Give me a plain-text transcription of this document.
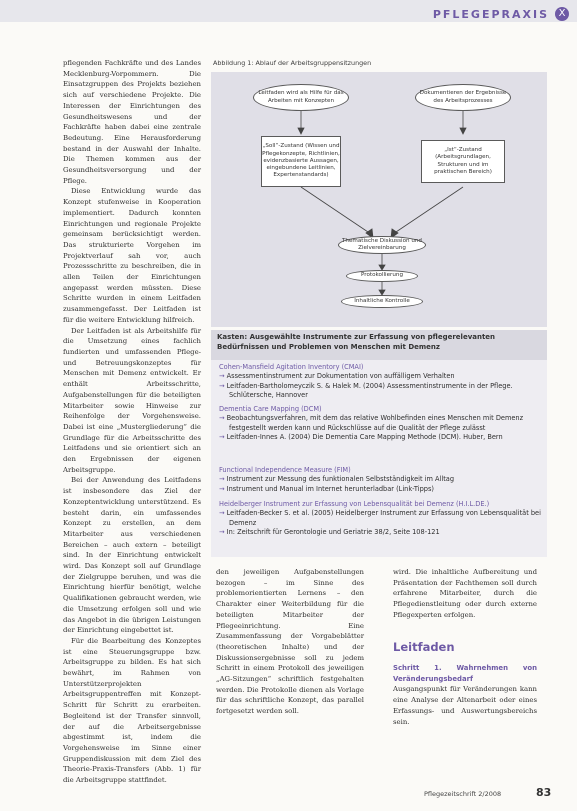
PFLEGEPRAXIS X

pflegenden Fachkräfte und des Landes Mecklenburg-Vorpommern. Die Einsatzgruppen des Projekts beziehen sich auf verschiedene Projekte. Die Interessen der Einrichtungen des Gesundheitswesens und der Fachkräfte haben dabei eine zentrale Bedeutung. Eine Herausforderung bestand in der Auswahl der Inhalte. Die Themen kommen aus der Gesundheitsversorgung und der Pflege.

Diese Entwicklung wurde das Konzept stufenweise in Kooperation implementiert. Dadurch konnten Einrichtungen und regionale Projekte gemeinsam berücksichtigt werden. Das strukturierte Vorgehen im Projektverlauf sah vor, auch Prozessschritte zu beschreiben, die in allen Teilen der Einrichtungen angepasst werden müssten. Diese Schritte wurden in einem Leitfaden zusammengefasst. Der Leitfaden ist für die weitere Entwicklung hilfreich.

Der Leitfaden ist als Arbeitshilfe für die Umsetzung eines fachlich fundierten und umfassenden Pflege- und Betreuungskonzeptes für Menschen mit Demenz entwickelt. Er enthält Arbeitsschritte, Aufgabenstellungen für die beteiligten Mitarbeiter sowie Hinweise zur Reihenfolge der Vorgehensweise. Dabei ist eine „Mustergliederung“ die Grundlage für die Arbeitsschritte des Leitfadens und sie orientiert sich an den Ergebnissen der eigenen Arbeitsgruppe.

Bei der Anwendung des Leitfadens ist insbesondere das Ziel der Konzeptentwicklung unterstützend. Es besteht darin, ein umfassendes Konzept zu erstellen, an dem Mitarbeiter aus verschiedenen Bereichen – auch extern – beteiligt sind. In der Einrichtung entwickelt wird. Das Konzept soll auf Grundlage der Zielgruppe beruhen, und was die Einrichtung hierfür benötigt, welche Qualifikationen gebraucht werden, wie die Umsetzung erfolgen soll und wie das Angebot in die übrigen Leistungen der Einrichtung eingebettet ist.

Für die Bearbeitung des Konzeptes ist eine Steuerungsgruppe bzw. Arbeitsgruppe zu bilden. Es hat sich bewährt, im Rahmen von Unterstützerprojekten Arbeitsgruppentreffen mit Konzept-Schritt für Schritt zu erarbeiten. Begleitend ist der Transfer sinnvoll, der auf die Arbeitsergebnisse abgestimmt ist, indem die Vorgehensweise im Sinne einer Gruppendiskussion mit dem Ziel des Theorie-Praxis-Transfers (Abb. 1) für die Arbeitsgruppe stattfindet.

Abbildung 1: Ablauf der Arbeitsgruppensitzungen
Leitfaden wird als Hilfe für das Arbeiten mit Konzepten
Dokumentieren der Ergebnisse des Arbeitsprozesses
„Soll“-Zustand (Wissen und Pflegekonzepte, Richtlinien, evidenzbasierte Aussagen, eingebundene Leitlinien, Expertenstandards)
„Ist“-Zustand (Arbeitsgrundlagen, Strukturen und im praktischen Bereich)
Thematische Diskussion und Zielvereinbarung
Protokollierung
Inhaltliche Kontrolle
Kasten: Ausgewählte Instrumente zur Erfassung von pflegerelevanten Bedürfnissen und Problemen von Menschen mit Demenz
Cohen-Mansfield Agitation Inventory (CMAI)
→ Assessmentinstrument zur Dokumentation von auffälligem Verhalten
→ Leitfaden-Bartholomeyczik S. & Halek M. (2004) Assessmentinstrumente in der Pflege. Schlütersche, Hannover
Dementia Care Mapping (DCM)
→ Beobachtungsverfahren, mit dem das relative Wohlbefinden eines Menschen mit Demenz festgestellt werden kann und Rückschlüsse auf die Qualität der Pflege zulässt
→ Leitfaden-Innes A. (2004) Die Dementia Care Mapping Methode (DCM). Huber, Bern
Functional Independence Measure (FIM)
→ Instrument zur Messung des funktionalen Selbstständigkeit im Alltag
→ Instrument und Manual im Internet herunterladbar (Link-Tipps)
Heidelberger Instrument zur Erfassung von Lebensqualität bei Demenz (H.I.L.DE.)
→ Leitfaden-Becker S. et al. (2005) Heidelberger Instrument zur Erfassung von Lebensqualität bei Demenz
→ In: Zeitschrift für Gerontologie und Geriatrie 38/2, Seite 108-121

den jeweiligen Aufgabenstellungen bezogen – im Sinne des problemorientierten Lernens – den Charakter einer Weiterbildung für die beteiligten Mitarbeiter der Pflegeeinrichtung. Eine Zusammenfassung der Vorgabeblätter (theoretischen Inhalte) und der Diskussionsergebnisse soll zu jedem Schritt in einem Protokoll des jeweiligen „AG-Sitzungen“ schriftlich festgehalten werden. Die Protokolle dienen als Vorlage für das schriftliche Konzept, das parallel fortgesetzt werden soll.

wird. Die inhaltliche Aufbereitung und Präsentation der Fachthemen soll durch erfahrene Mitarbeiter, durch die Pflegedienstleitung oder durch externe Pflegexperten erfolgen.

Leitfaden
Schritt 1. Wahrnehmen von Veränderungsbedarf

Ausgangspunkt für Veränderungen kann eine Analyse der Altenarbeit oder eines Erfassungs- und Auswertungsbereichs sein.

Pflegezeitschrift 2/2008	83
